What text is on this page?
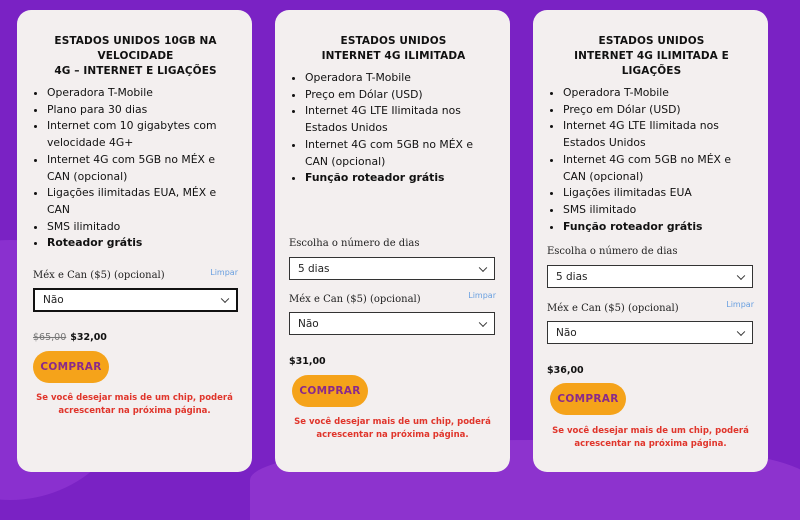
ESTADOS UNIDOS 10GB NA VELOCIDADE
4G – INTERNET E LIGAÇÕES
• Operadora T-Mobile
• Plano para 30 dias
• Internet com 10 gigabytes com velocidade 4G+
• Internet 4G com 5GB no MÉX e CAN (opcional)
• Ligações ilimitadas EUA, MÉX e CAN
• SMS ilimitado
• Roteador grátis
Méx e Can ($5) (opcional)	Limpar
Não
$65,00 $32,00
COMPRAR
Se você desejar mais de um chip, poderá
acrescentar na próxima página.
ESTADOS UNIDOS
INTERNET 4G ILIMITADA
• Operadora T-Mobile
• Preço em Dólar (USD)
• Internet 4G LTE Ilimitada nos Estados Unidos
• Internet 4G com 5GB no MÉX e CAN (opcional)
• Função roteador grátis
Escolha o número de dias
5 dias
Méx e Can ($5) (opcional)	Limpar
Não
$31,00
COMPRAR
Se você desejar mais de um chip, poderá
acrescentar na próxima página.
ESTADOS UNIDOS
INTERNET 4G ILIMITADA E LIGAÇÕES
• Operadora T-Mobile
• Preço em Dólar (USD)
• Internet 4G LTE Ilimitada nos Estados Unidos
• Internet 4G com 5GB no MÉX e CAN (opcional)
• Ligações ilimitadas EUA
• SMS ilimitado
• Função roteador grátis
Escolha o número de dias
5 dias
Méx e Can ($5) (opcional)	Limpar
Não
$36,00
COMPRAR
Se você desejar mais de um chip, poderá
acrescentar na próxima página.
